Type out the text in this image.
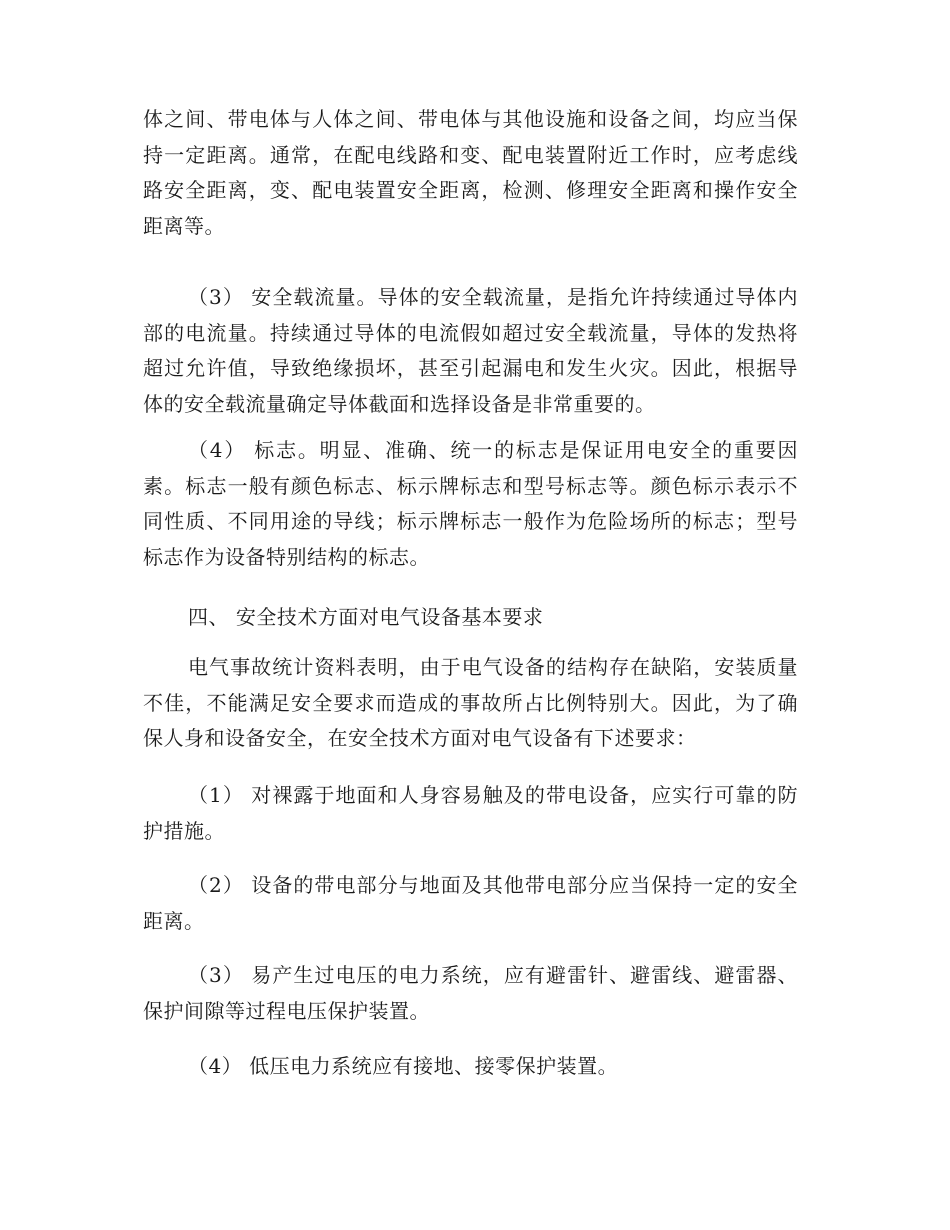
体之间、带电体与人体之间、带电体与其他设施和设备之间，均应当保持一定距离。通常，在配电线路和变、配电装置附近工作时，应考虑线路安全距离，变、配电装置安全距离，检测、修理安全距离和操作安全距离等。

（3） 安全载流量。导体的安全载流量，是指允许持续通过导体内部的电流量。持续通过导体的电流假如超过安全载流量，导体的发热将超过允许值，导致绝缘损坏，甚至引起漏电和发生火灾。因此，根据导体的安全载流量确定导体截面和选择设备是非常重要的。

（4） 标志。明显、准确、统一的标志是保证用电安全的重要因素。标志一般有颜色标志、标示牌标志和型号标志等。颜色标示表示不同性质、不同用途的导线；标示牌标志一般作为危险场所的标志；型号标志作为设备特别结构的标志。

四、 安全技术方面对电气设备基本要求

电气事故统计资料表明，由于电气设备的结构存在缺陷，安装质量不佳，不能满足安全要求而造成的事故所占比例特别大。因此，为了确保人身和设备安全，在安全技术方面对电气设备有下述要求：

（1） 对裸露于地面和人身容易触及的带电设备，应实行可靠的防护措施。

（2） 设备的带电部分与地面及其他带电部分应当保持一定的安全距离。

（3） 易产生过电压的电力系统，应有避雷针、避雷线、避雷器、保护间隙等过程电压保护装置。

（4） 低压电力系统应有接地、接零保护装置。
